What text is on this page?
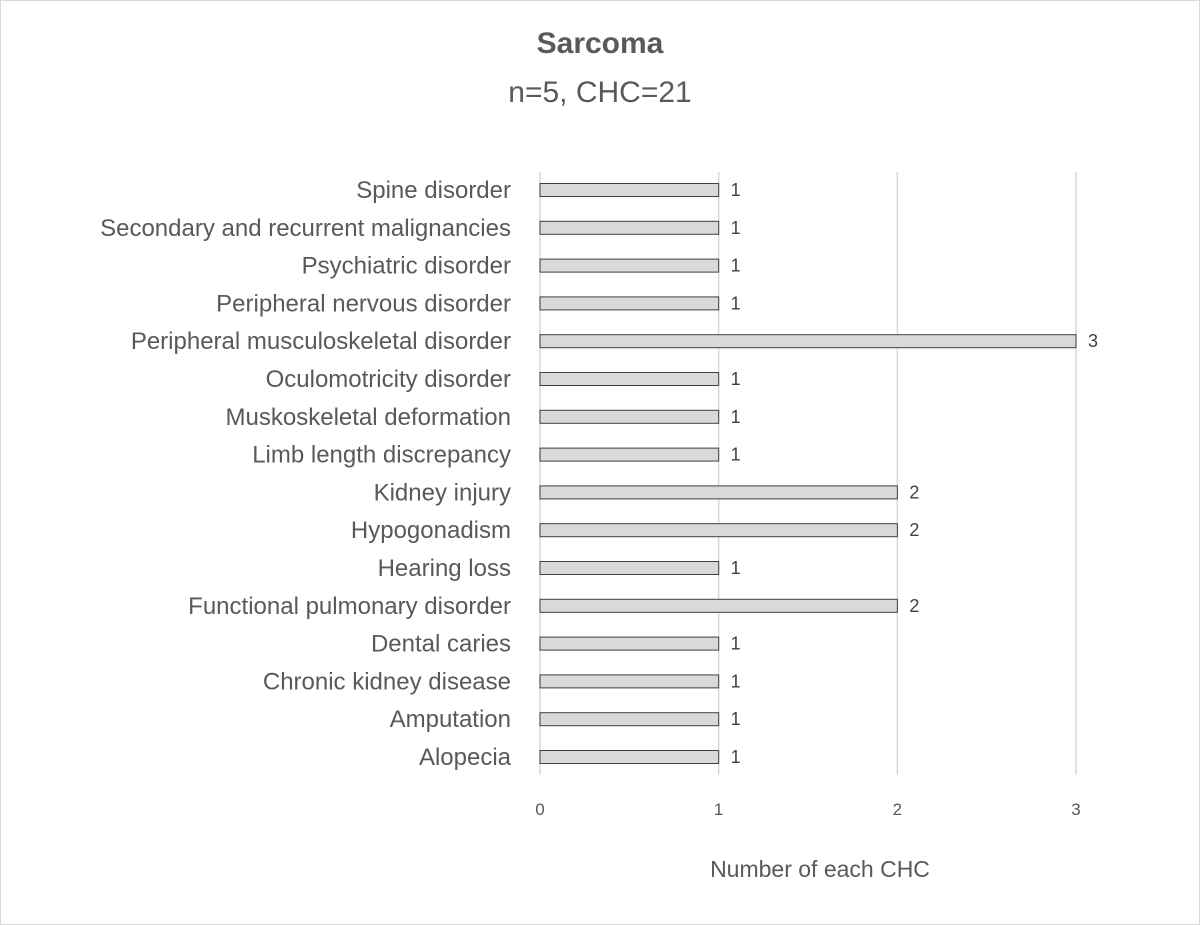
Sarcoma
n=5, CHC=21
0	1	2	3
Spine disorder	1
Secondary and recurrent malignancies	1
Psychiatric disorder	1
Peripheral nervous disorder	1
Peripheral musculoskeletal disorder	3
Oculomotricity disorder	1
Muskoskeletal deformation	1
Limb length discrepancy	1
Kidney injury	2
Hypogonadism	2
Hearing loss	1
Functional pulmonary disorder	2
Dental caries	1
Chronic kidney disease	1
Amputation	1
Alopecia	1
Number of each CHC
